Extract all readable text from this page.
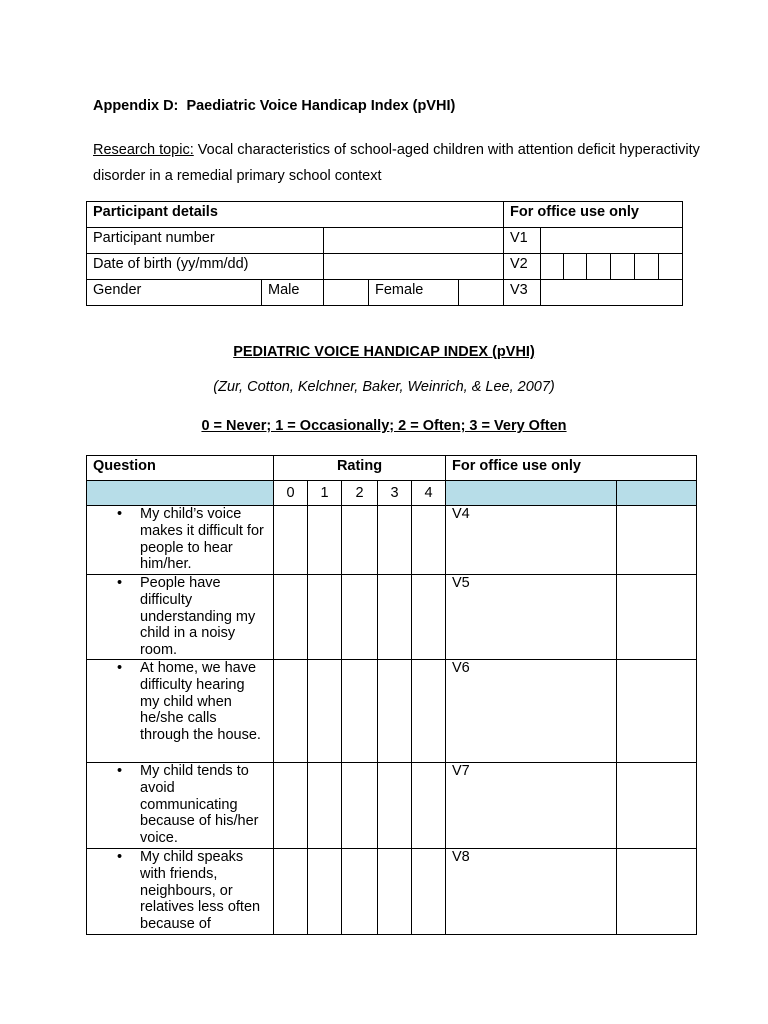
Appendix D:  Paediatric Voice Handicap Index (pVHI)
Research topic: Vocal characteristics of school-aged children with attention deficit hyperactivity disorder in a remedial primary school context
Participant details					For office use only						
Participant number					V1						
Date of birth (yy/mm/dd)					V2						
Gender	Male		Female		V3						
PEDIATRIC VOICE HANDICAP INDEX (pVHI)
(Zur, Cotton, Kelchner, Baker, Weinrich, & Lee, 2007)
0 = Never; 1 = Occasionally; 2 = Often; 3 = Very Often
Question	Rating					For office use only	
	0	1	2	3	4		

• My child’s voice makes it difficult for people to hear him/her.						V4	

• People have difficulty understanding my child in a noisy room.						V5	

• At home, we have difficulty hearing my child when he/she calls through the house.						V6	

• My child tends to avoid communicating because of his/her voice.						V7	

• My child speaks with friends, neighbours, or relatives less often because of						V8	
